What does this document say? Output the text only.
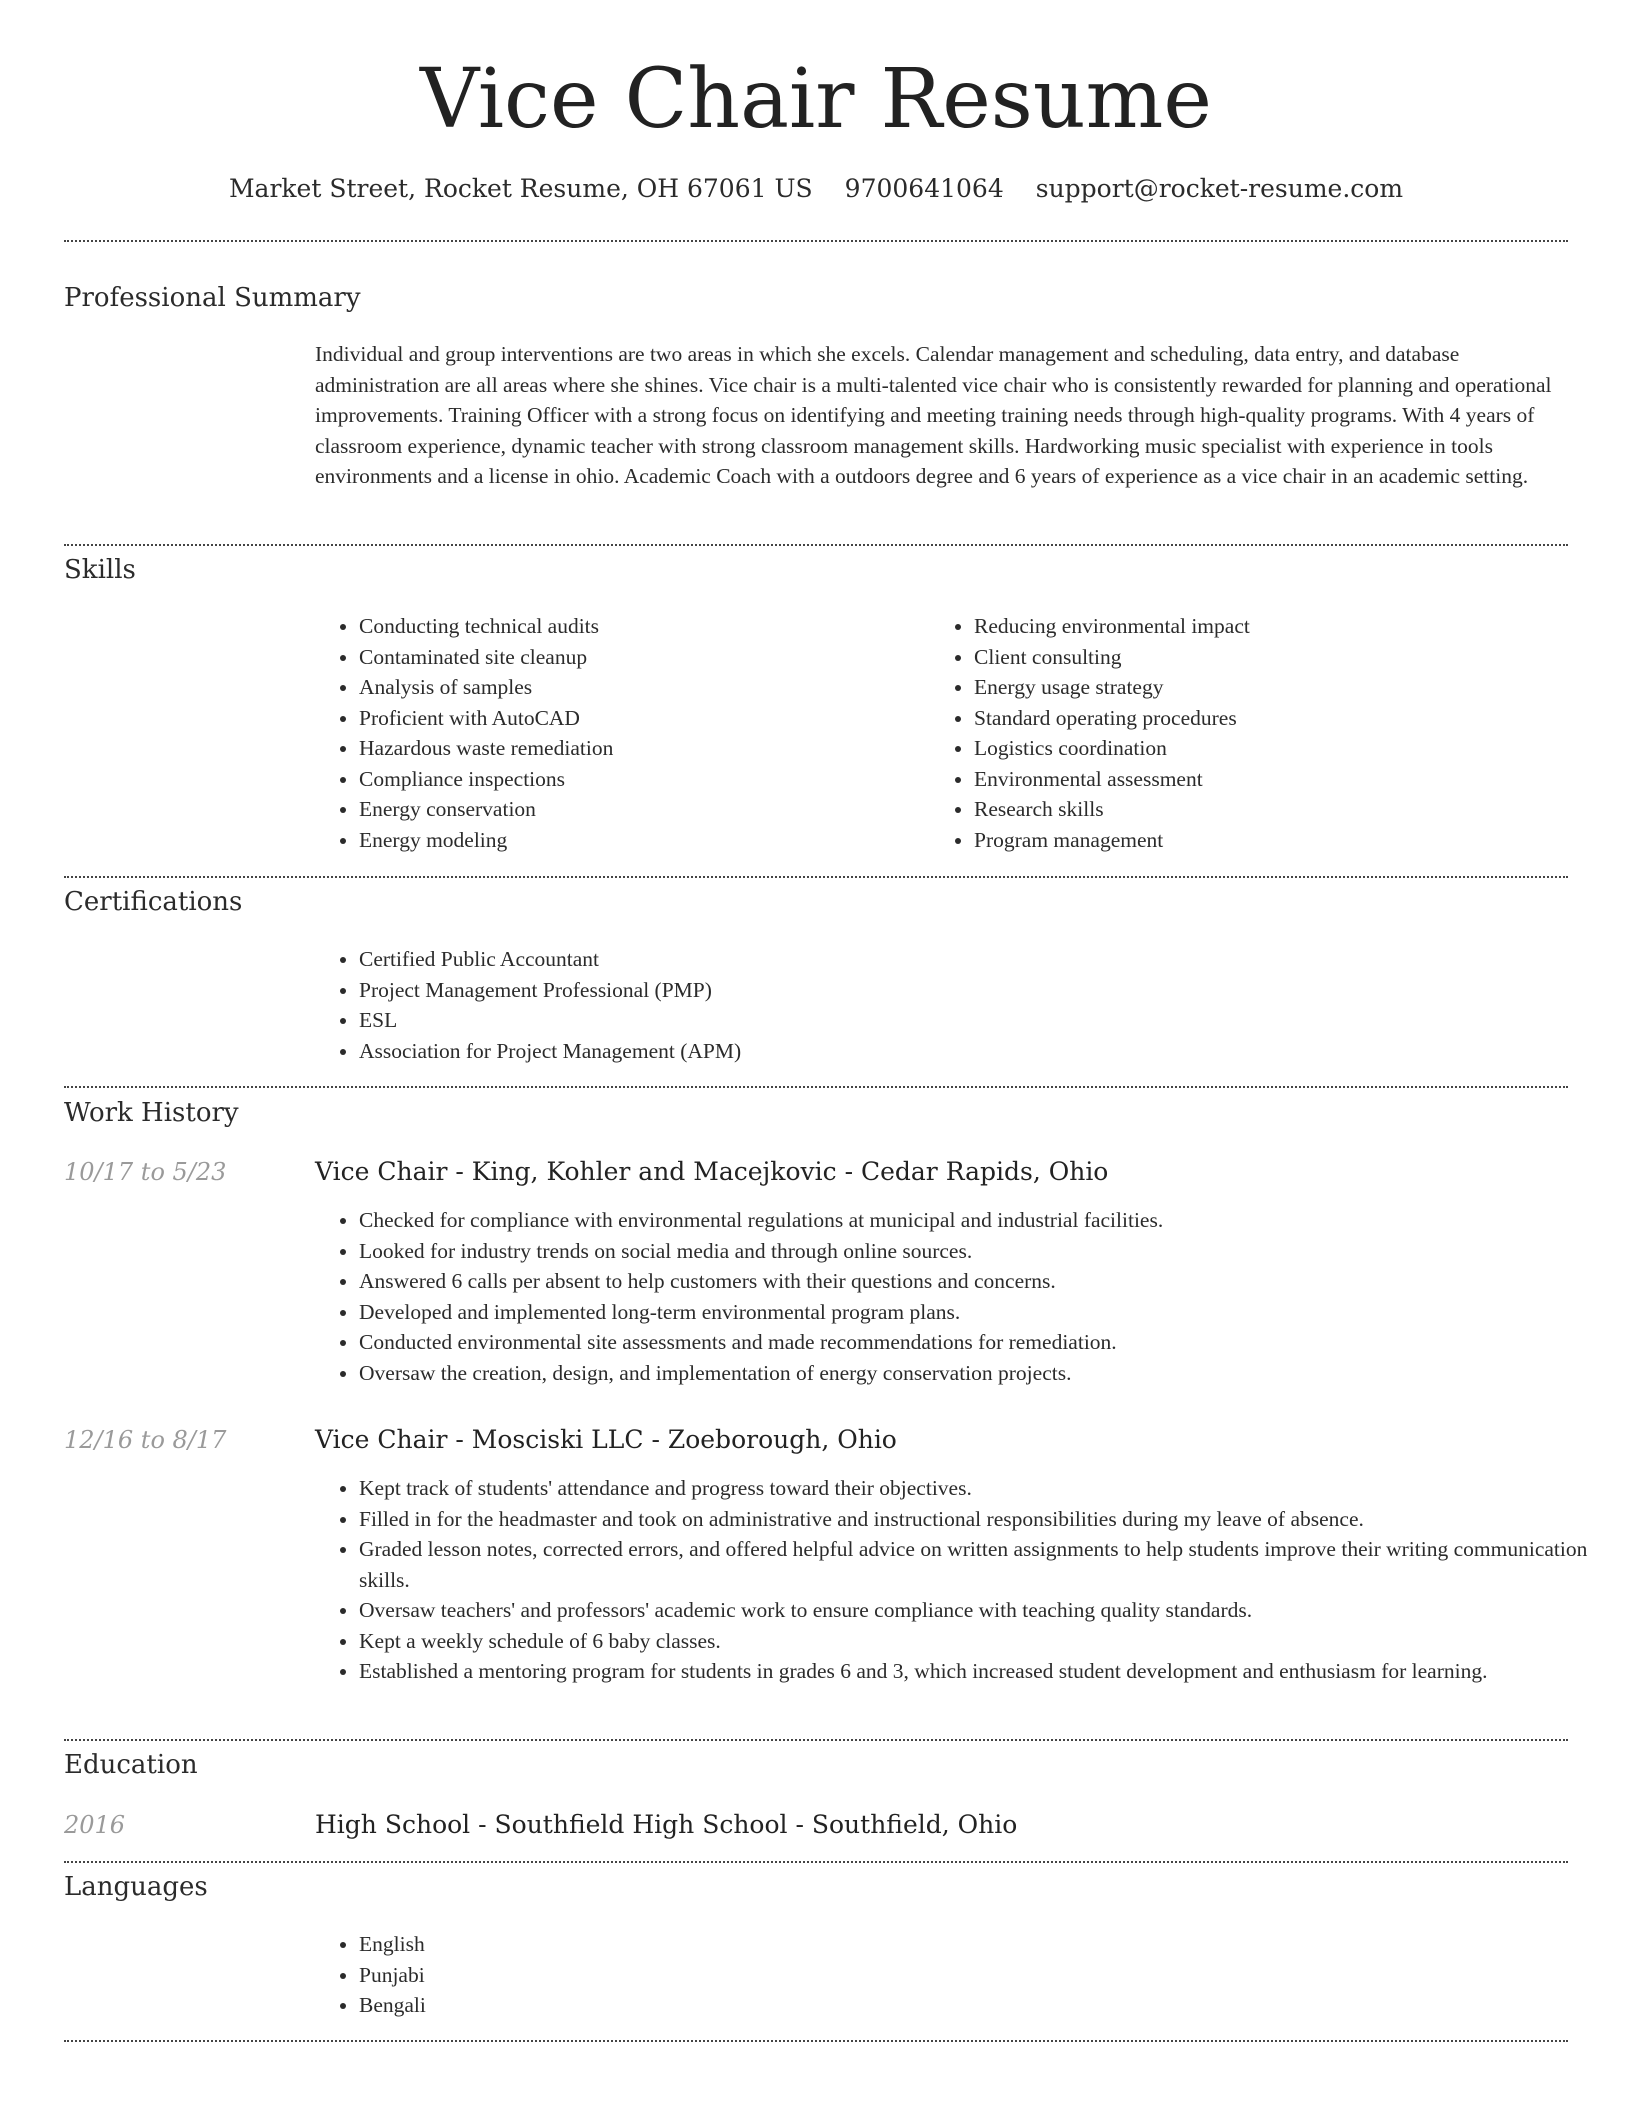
Vice Chair Resume
Market Street, Rocket Resume, OH 67061 US 9700641064 support@rocket-resume.com
Professional Summary

Individual and group interventions are two areas in which she excels. Calendar management and scheduling, data entry, and database administration are all areas where she shines. Vice chair is a multi-talented vice chair who is consistently rewarded for planning and operational improvements. Training Officer with a strong focus on identifying and meeting training needs through high-quality programs. With 4 years of classroom experience, dynamic teacher with strong classroom management skills. Hardworking music specialist with experience in tools environments and a license in ohio. Academic Coach with a outdoors degree and 6 years of experience as a vice chair in an academic setting.

Skills
• Conducting technical audits
• Contaminated site cleanup
• Analysis of samples
• Proficient with AutoCAD
• Hazardous waste remediation
• Compliance inspections
• Energy conservation
• Energy modeling
• Reducing environmental impact
• Client consulting
• Energy usage strategy
• Standard operating procedures
• Logistics coordination
• Environmental assessment
• Research skills
• Program management
Certifications
• Certified Public Accountant
• Project Management Professional (PMP)
• ESL
• Association for Project Management (APM)
Work History
10/17 to 5/23	Vice Chair - King, Kohler and Macejkovic - Cedar Rapids, Ohio
• Checked for compliance with environmental regulations at municipal and industrial facilities.
• Looked for industry trends on social media and through online sources.
• Answered 6 calls per absent to help customers with their questions and concerns.
• Developed and implemented long-term environmental program plans.
• Conducted environmental site assessments and made recommendations for remediation.
• Oversaw the creation, design, and implementation of energy conservation projects.
12/16 to 8/17	Vice Chair - Mosciski LLC - Zoeborough, Ohio
• Kept track of students' attendance and progress toward their objectives.
• Filled in for the headmaster and took on administrative and instructional responsibilities during my leave of absence.
• Graded lesson notes, corrected errors, and offered helpful advice on written assignments to help students improve their writing communication skills.
• Oversaw teachers' and professors' academic work to ensure compliance with teaching quality standards.
• Kept a weekly schedule of 6 baby classes.
• Established a mentoring program for students in grades 6 and 3, which increased student development and enthusiasm for learning.
Education
2016	High School - Southfield High School - Southfield, Ohio
Languages
• English
• Punjabi
• Bengali
